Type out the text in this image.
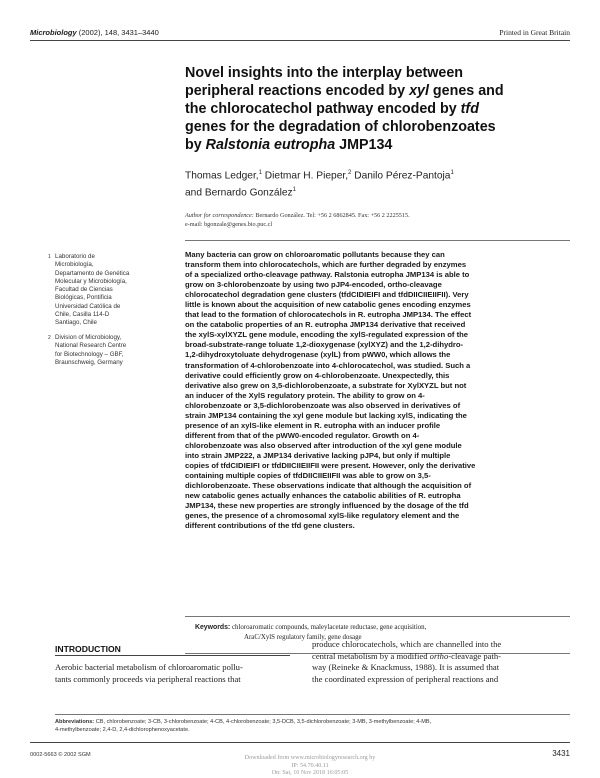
Microbiology (2002), 148, 3431–3440	Printed in Great Britain
Novel insights into the interplay between
peripheral reactions encoded by xyl genes and
the chlorocatechol pathway encoded by tfd
genes for the degradation of chlorobenzoates
by Ralstonia eutropha JMP134
Thomas Ledger,$^1$ Dietmar H. Pieper,$^2$ Danilo Pérez-Pantoja$^1$
and Bernardo González$^1$
Author for correspondence: Bernardo González. Tel: +56 2 6862845. Fax: +56 2 2225515.
e-mail: bgonzale@genes.bio.puc.cl
1 Laboratorio de
Microbiología,
Departamento de Genética
Molecular y Microbiología,
Facultad de Ciencias
Biológicas, Pontificia
Universidad Católica de
Chile, Casilla 114-D
Santiago, Chile
2 Division of Microbiology,
National Research Centre
for Biotechnology – GBF,
Braunschweig, Germany
Many bacteria can grow on chloroaromatic pollutants because they can
transform them into chlorocatechols, which are further degraded by enzymes
of a specialized ortho-cleavage pathway. Ralstonia eutropha JMP134 is able to
grow on 3-chlorobenzoate by using two pJP4-encoded, ortho-cleavage
chlorocatechol degradation gene clusters (tfdCIDIEIFI and tfdDIICIIEIIFII). Very
little is known about the acquisition of new catabolic genes encoding enzymes
that lead to the formation of chlorocatechols in R. eutropha JMP134. The effect
on the catabolic properties of an R. eutropha JMP134 derivative that received
the xylS-xylXYZL gene module, encoding the xylS-regulated expression of the
broad-substrate-range toluate 1,2-dioxygenase (xylXYZ) and the 1,2-dihydro-
1,2-dihydroxytoluate dehydrogenase (xylL) from pWW0, which allows the
transformation of 4-chlorobenzoate into 4-chlorocatechol, was studied. Such a
derivative could efficiently grow on 4-chlorobenzoate. Unexpectedly, this
derivative also grew on 3,5-dichlorobenzoate, a substrate for XylXYZL but not
an inducer of the XylS regulatory protein. The ability to grow on 4-
chlorobenzoate or 3,5-dichlorobenzoate was also observed in derivatives of
strain JMP134 containing the xyl gene module but lacking xylS, indicating the
presence of an xylS-like element in R. eutropha with an inducer profile
different from that of the pWW0-encoded regulator. Growth on 4-
chlorobenzoate was also observed after introduction of the xyl gene module
into strain JMP222, a JMP134 derivative lacking pJP4, but only if multiple
copies of tfdCIDIEIFI or tfdDIICIIEIIFII were present. However, only the derivative
containing multiple copies of tfdDIICIIEIIFII was able to grow on 3,5-
dichlorobenzoate. These observations indicate that although the acquisition of
new catabolic genes actually enhances the catabolic abilities of R. eutropha
JMP134, these new properties are strongly influenced by the dosage of the tfd
genes, the presence of a chromosomal xylS-like regulatory element and the
different contributions of the tfd gene clusters.
Keywords: chloroaromatic compounds, maleylacetate reductase, gene acquisition,
AraC/XylS regulatory family, gene dosage
INTRODUCTION
Aerobic bacterial metabolism of chloroaromatic pollu-
tants commonly proceeds via peripheral reactions that
produce chlorocatechols, which are channelled into the
central metabolism by a modified ortho-cleavage path-
way (Reineke & Knackmuss, 1988). It is assumed that
the coordinated expression of peripheral reactions and
Abbreviations: CB, chlorobenzoate; 3-CB, 3-chlorobenzoate; 4-CB, 4-chlorobenzoate; 3,5-DCB, 3,5-dichlorobenzoate; 3-MB, 3-methylbenzoate; 4-MB,
4-methylbenzoate; 2,4-D, 2,4-dichlorophenoxyacetate.
0002-5663 © 2002 SGM	3431
Downloaded from www.microbiologyresearch.org by
IP: 54.70.40.11
On: Sat, 10 Nov 2018 16:05:05
